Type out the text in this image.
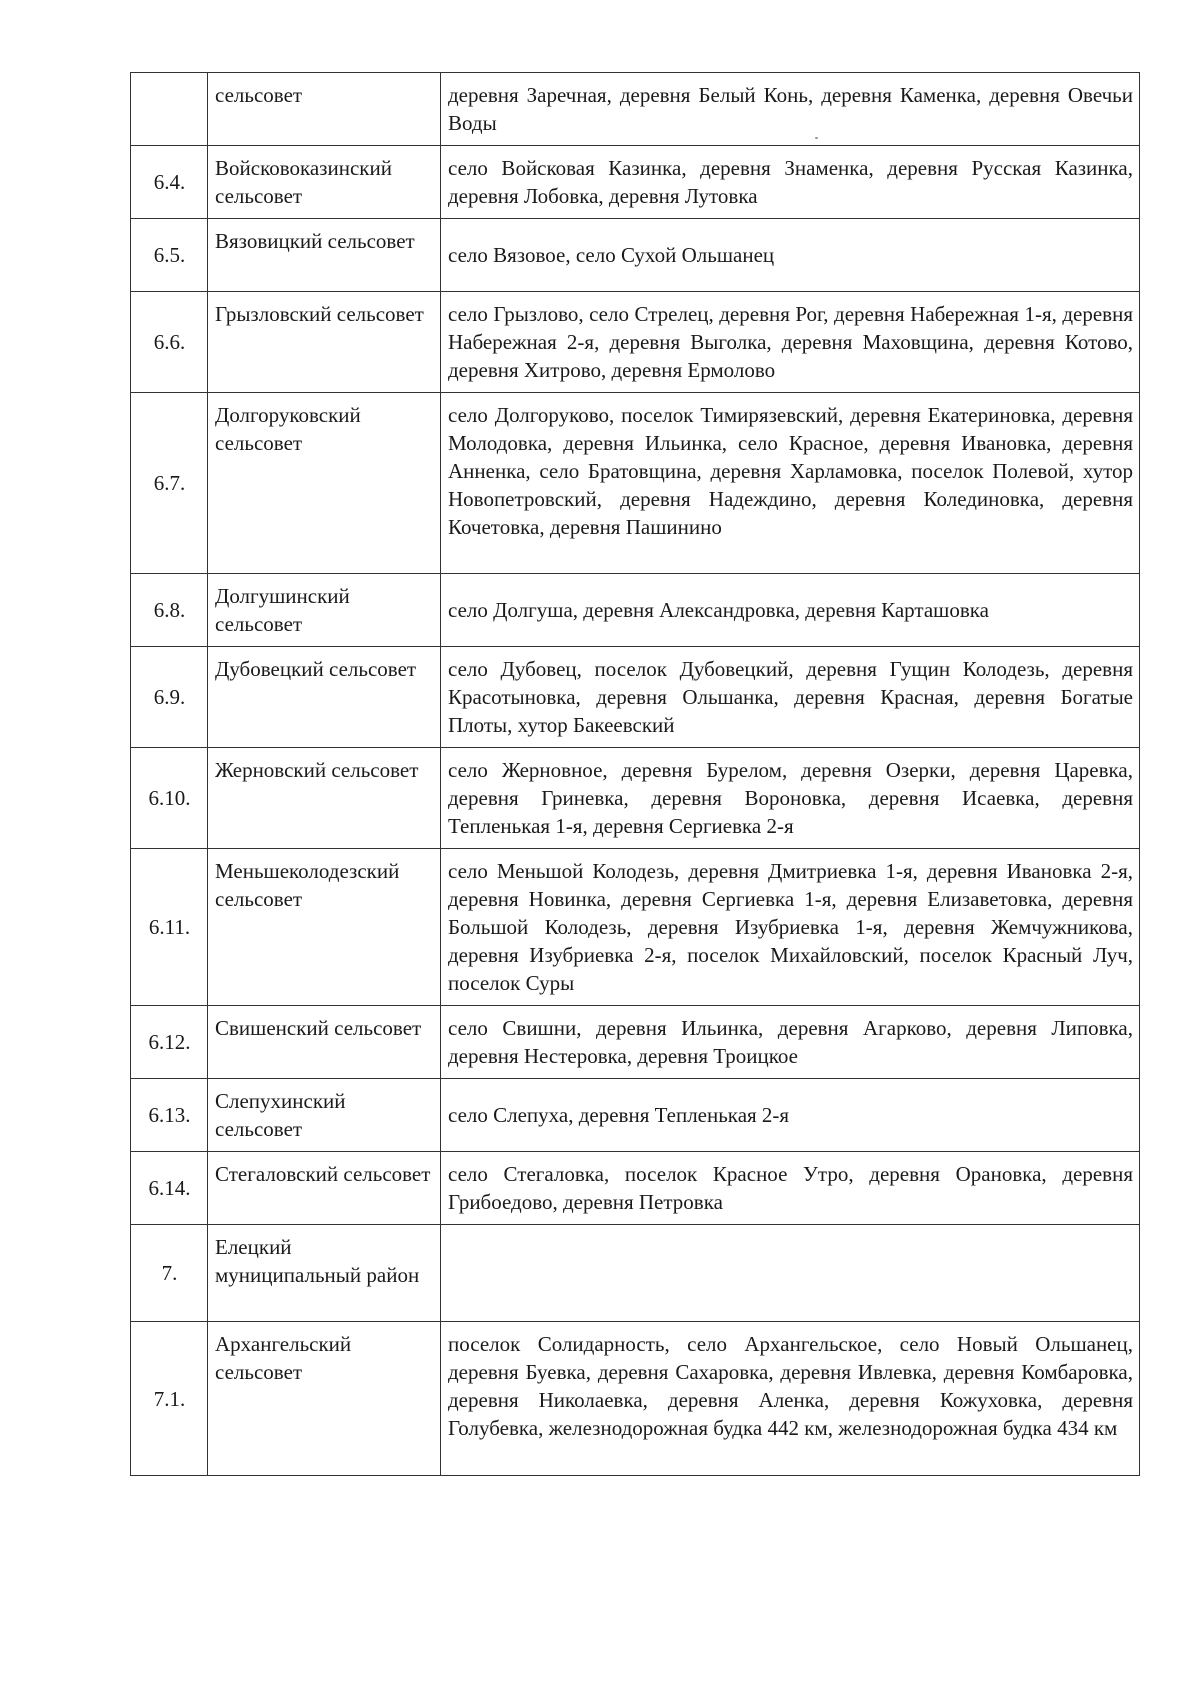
	сельсовет	деревня Заречная, деревня Белый Конь, деревня Каменка, деревня Овечьи Воды
6.4.	Войсковоказинский сельсовет	село Войсковая Казинка, деревня Знаменка, деревня Русская Казинка, деревня Лобовка, деревня Лутовка
6.5.	Вязовицкий сельсовет	село Вязовое, село Сухой Ольшанец
6.6.	Грызловский сельсовет	село Грызлово, село Стрелец, деревня Рог, деревня Набережная 1-я, деревня Набережная 2-я, деревня Выголка, деревня Маховщина, деревня Котово, деревня Хитрово, деревня Ермолово
6.7.	Долгоруковский сельсовет	село Долгоруково, поселок Тимирязевский, деревня Екатериновка, деревня Молодовка, деревня Ильинка, село Красное, деревня Ивановка, деревня Анненка, село Братовщина, деревня Харламовка, поселок Полевой, хутор Новопетровский, деревня Надеждино, деревня Колединовка, деревня Кочетовка, деревня Пашинино
6.8.	Долгушинский сельсовет	село Долгуша, деревня Александровка, деревня Карташовка
6.9.	Дубовецкий сельсовет	село Дубовец, поселок Дубовецкий, деревня Гущин Колодезь, деревня Красотыновка, деревня Ольшанка, деревня Красная, деревня Богатые Плоты, хутор Бакеевский
6.10.	Жерновский сельсовет	село Жерновное, деревня Бурелом, деревня Озерки, деревня Царевка, деревня Гриневка, деревня Вороновка, деревня Исаевка, деревня Тепленькая 1-я, деревня Сергиевка 2-я
6.11.	Меньшеколодезский сельсовет	село Меньшой Колодезь, деревня Дмитриевка 1-я, деревня Ивановка 2-я, деревня Новинка, деревня Сергиевка 1-я, деревня Елизаветовка, деревня Большой Колодезь, деревня Изубриевка 1-я, деревня Жемчужникова, деревня Изубриевка 2-я, поселок Михайловский, поселок Красный Луч, поселок Суры
6.12.	Свишенский сельсовет	село Свишни, деревня Ильинка, деревня Агарково, деревня Липовка, деревня Нестеровка, деревня Троицкое
6.13.	Слепухинский сельсовет	село Слепуха, деревня Тепленькая 2-я
6.14.	Стегаловский сельсовет	село Стегаловка, поселок Красное Утро, деревня Орановка, деревня Грибоедово, деревня Петровка
7.	Елецкий муниципальный район	
7.1.	Архангельский сельсовет	поселок Солидарность, село Архангельское, село Новый Ольшанец, деревня Буевка, деревня Сахаровка, деревня Ивлевка, деревня Комбаровка, деревня Николаевка, деревня Аленка, деревня Кожуховка, деревня Голубевка, железнодорожная будка 442 км, железнодорожная будка 434 км
